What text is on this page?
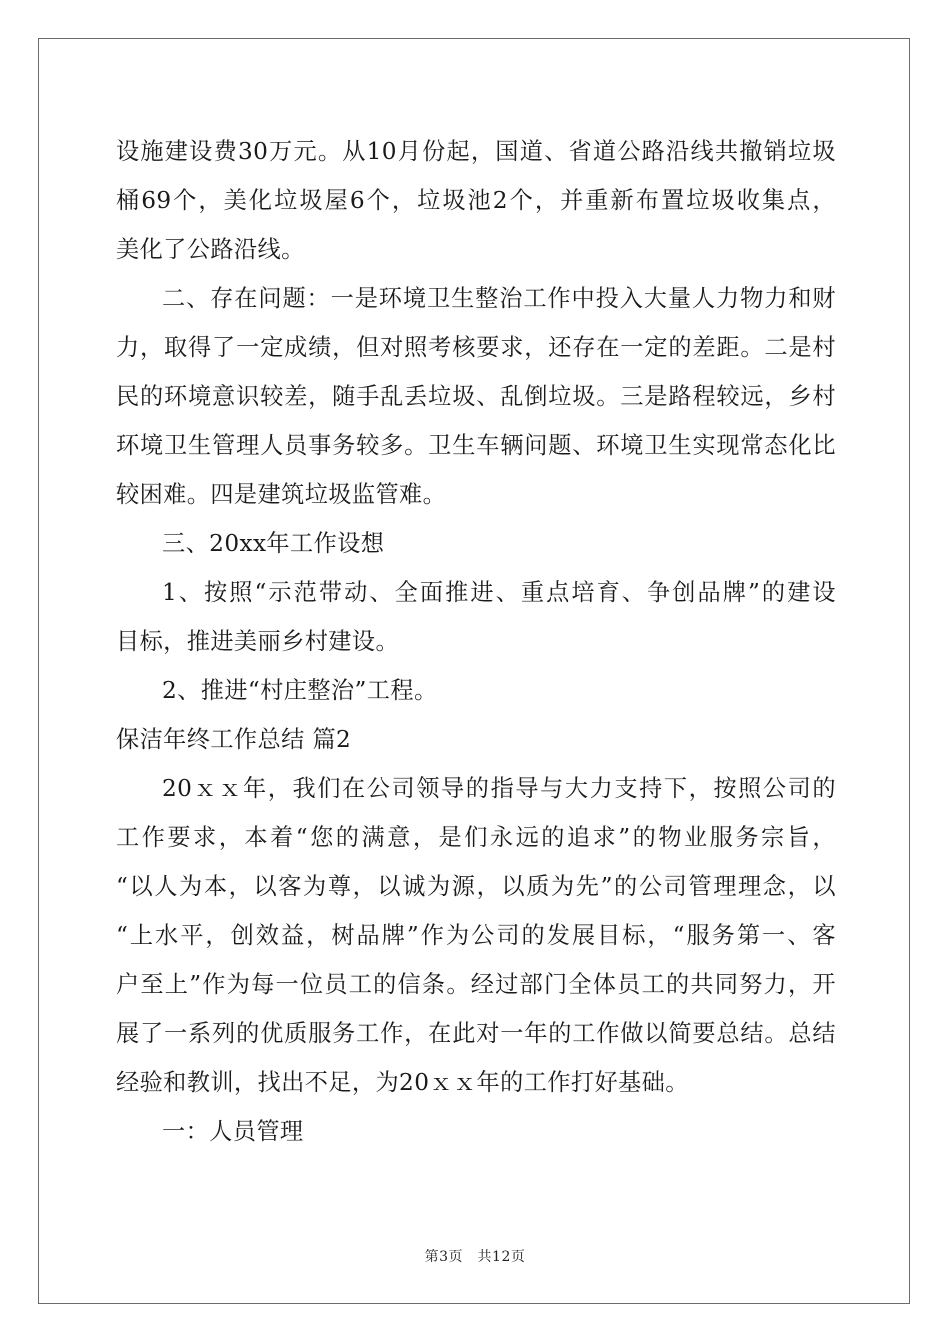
设施建设费30万元。从10月份起，国道、省道公路沿线共撤销垃圾
桶69个，美化垃圾屋6个，垃圾池2个，并重新布置垃圾收集点，
美化了公路沿线。
二、存在问题：一是环境卫生整治工作中投入大量人力物力和财
力，取得了一定成绩，但对照考核要求，还存在一定的差距。二是村
民的环境意识较差，随手乱丢垃圾、乱倒垃圾。三是路程较远，乡村
环境卫生管理人员事务较多。卫生车辆问题、环境卫生实现常态化比
较困难。四是建筑垃圾监管难。
三、20xx年工作设想
1、按照“示范带动、全面推进、重点培育、争创品牌”的建设
目标，推进美丽乡村建设。
2、推进“村庄整治”工程。
保洁年终工作总结 篇2
20ｘｘ年，我们在公司领导的指导与大力支持下，按照公司的
工作要求，本着“您的满意，是们永远的追求”的物业服务宗旨，
“以人为本，以客为尊，以诚为源，以质为先”的公司管理理念，以
“上水平，创效益，树品牌”作为公司的发展目标，“服务第一、客
户至上”作为每一位员工的信条。经过部门全体员工的共同努力，开
展了一系列的优质服务工作，在此对一年的工作做以简要总结。总结
经验和教训，找出不足，为20ｘｘ年的工作打好基础。
一：人员管理
第3页　共12页
